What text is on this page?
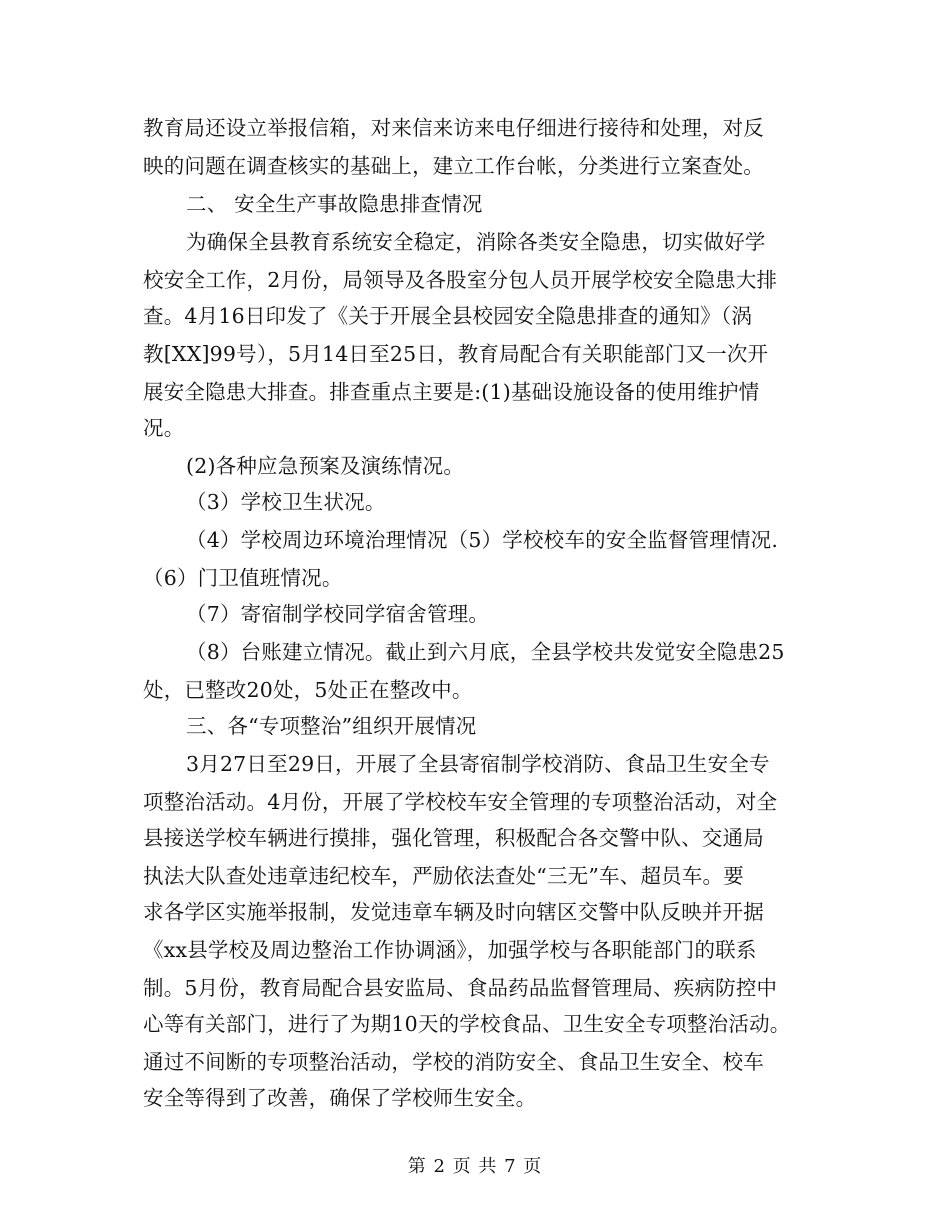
教育局还设立举报信箱，对来信来访来电仔细进行接待和处理，对反
映的问题在调查核实的基础上，建立工作台帐，分类进行立案查处。
二、 安全生产事故隐患排查情况
为确保全县教育系统安全稳定，消除各类安全隐患，切实做好学
校安全工作，2月份，局领导及各股室分包人员开展学校安全隐患大排
查。4月16日印发了《关于开展全县校园安全隐患排查的通知》（涡
教[XX]99号），5月14日至25日，教育局配合有关职能部门又一次开
展安全隐患大排查。排查重点主要是:(1)基础设施设备的使用维护情
况。
(2)各种应急预案及演练情况。
（3）学校卫生状况。
（4）学校周边环境治理情况（5）学校校车的安全监督管理情况.
（6）门卫值班情况。
（7）寄宿制学校同学宿舍管理。
（8）台账建立情况。截止到六月底，全县学校共发觉安全隐患25
处，已整改20处，5处正在整改中。
三、各“专项整治”组织开展情况
3月27日至29日，开展了全县寄宿制学校消防、食品卫生安全专
项整治活动。4月份，开展了学校校车安全管理的专项整治活动，对全
县接送学校车辆进行摸排，强化管理，积极配合各交警中队、交通局
执法大队查处违章违纪校车，严励依法查处“三无”车、超员车。要
求各学区实施举报制，发觉违章车辆及时向辖区交警中队反映并开据
《xx县学校及周边整治工作协调涵》，加强学校与各职能部门的联系
制。5月份，教育局配合县安监局、食品药品监督管理局、疾病防控中
心等有关部门，进行了为期10天的学校食品、卫生安全专项整治活动。
通过不间断的专项整治活动，学校的消防安全、食品卫生安全、校车
安全等得到了改善，确保了学校师生安全。
第 2 页 共 7 页
